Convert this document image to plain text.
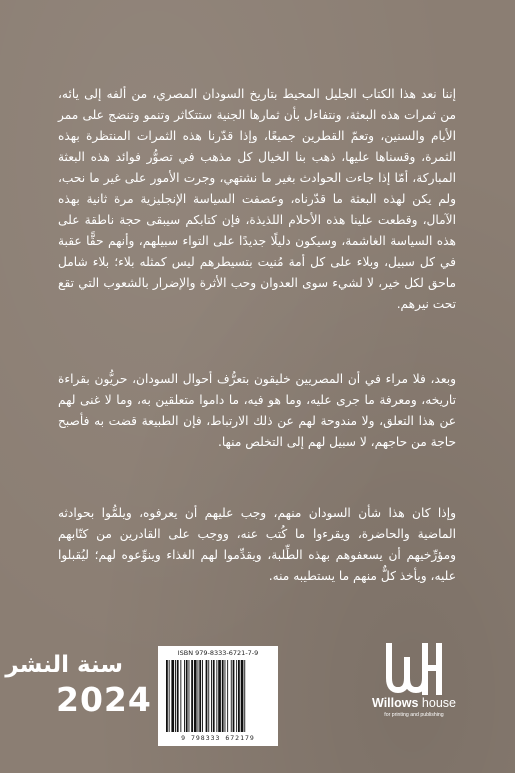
إننا نعد هذا الكتاب الجليل المحيط بتاريخ السودان المصري، من ألفه إلى يائه، من ثمرات هذه البعثة، ونتفاءل بأن ثمارها الجنية ستتكاثر وتنمو وتنضج على ممر الأيام والسنين، وتعمّ القطرين جميعًا، وإذا قدّرنا هذه الثمرات المنتظرة بهذه الثمرة، وقسناها عليها، ذهب بنا الخيال كل مذهب في تصوُّر فوائد هذه البعثة المباركة، أمّا إذا جاءت الحوادث بغير ما نشتهي، وجرت الأمور على غير ما نحب، ولم يكن لهذه البعثة ما قدّرناه، وعصفت السياسة الإنجليزية مرة ثانية بهذه الآمال، وقطعت علينا هذه الأحلام اللذيذة، فإن كتابكم سيبقى حجة ناطقة على هذه السياسة الغاشمة، وسيكون دليلًا جديدًا على التواء سبيلهم، وأنهم حقًّا عقبة في كل سبيل، وبلاء على كل أمة مُنيت بتسيطرهم ليس كمثله بلاء؛ بلاء شامل ماحق لكل خير، لا لشيء سوى العدوان وحب الأثرة والإضرار بالشعوب التي تقع تحت نيرهم.

وبعد، فلا مراء في أن المصريين خليقون بتعرُّف أحوال السودان، حريُّون بقراءة تاريخه، ومعرفة ما جرى عليه، وما هو فيه، ما داموا متعلقين به، وما لا غنى لهم عن هذا التعلق، ولا مندوحة لهم عن ذلك الارتباط، فإن الطبيعة قضت به فأصبح حاجة من حاجهم، لا سبيل لهم إلى التخلص منها.

وإذا كان هذا شأن السودان منهم، وجب عليهم أن يعرفوه، ويلمُّوا بحوادثه الماضية والحاضرة، ويقرءوا ما كُتب عنه، ووجب على القادرين من كتّابهم ومؤرِّخيهم أن يسعفوهم بهذه الطِّلبة، ويقدِّموا لهم الغذاء وينوِّعوه لهم؛ ليُقبلوا عليه، ويأخذ كلٌّ منهم ما يستطيبه منه.

سنة النشر
2024
ISBN 979-8333-6721-7-9
9 798333 672179
Willows house
for printing and publishing
